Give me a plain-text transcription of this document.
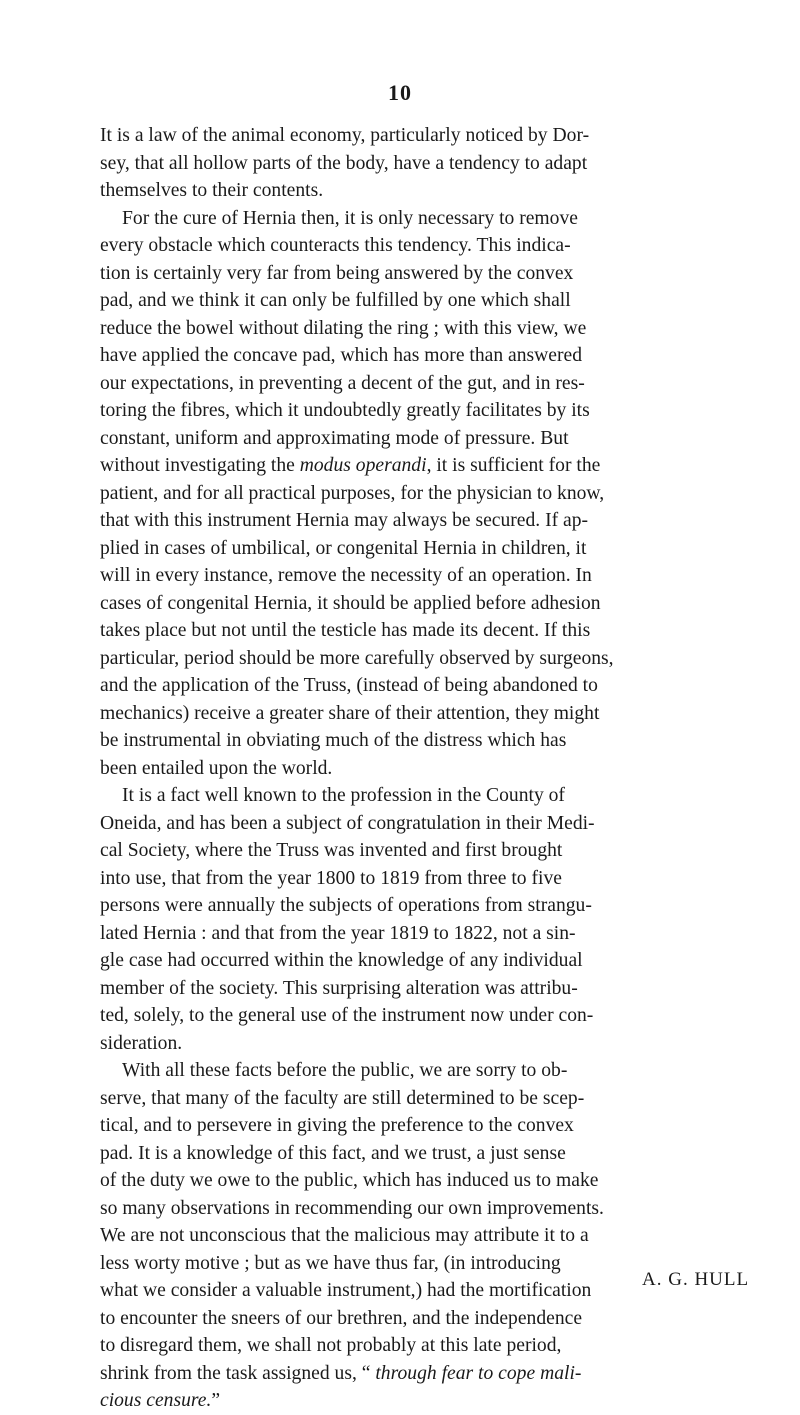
10
It is a law of the animal economy, particularly noticed by Dor-
sey, that all hollow parts of the body, have a tendency to adapt
themselves to their contents.
For the cure of Hernia then, it is only necessary to remove
every obstacle which counteracts this tendency. This indica-
tion is certainly very far from being answered by the convex
pad, and we think it can only be fulfilled by one which shall
reduce the bowel without dilating the ring ; with this view, we
have applied the concave pad, which has more than answered
our expectations, in preventing a decent of the gut, and in res-
toring the fibres, which it undoubtedly greatly facilitates by its
constant, uniform and approximating mode of pressure. But
without investigating the modus operandi, it is sufficient for the
patient, and for all practical purposes, for the physician to know,
that with this instrument Hernia may always be secured. If ap-
plied in cases of umbilical, or congenital Hernia in children, it
will in every instance, remove the necessity of an operation. In
cases of congenital Hernia, it should be applied before adhesion
takes place but not until the testicle has made its decent. If this
particular, period should be more carefully observed by surgeons,
and the application of the Truss, (instead of being abandoned to
mechanics) receive a greater share of their attention, they might
be instrumental in obviating much of the distress which has
been entailed upon the world.
It is a fact well known to the profession in the County of
Oneida, and has been a subject of congratulation in their Medi-
cal Society, where the Truss was invented and first brought
into use, that from the year 1800 to 1819 from three to five
persons were annually the subjects of operations from strangu-
lated Hernia : and that from the year 1819 to 1822, not a sin-
gle case had occurred within the knowledge of any individual
member of the society. This surprising alteration was attribu-
ted, solely, to the general use of the instrument now under con-
sideration.
With all these facts before the public, we are sorry to ob-
serve, that many of the faculty are still determined to be scep-
tical, and to persevere in giving the preference to the convex
pad. It is a knowledge of this fact, and we trust, a just sense
of the duty we owe to the public, which has induced us to make
so many observations in recommending our own improvements.
We are not unconscious that the malicious may attribute it to a
less worty motive ; but as we have thus far, (in introducing
what we consider a valuable instrument,) had the mortification
to encounter the sneers of our brethren, and the independence
to disregard them, we shall not probably at this late period,
shrink from the task assigned us, “ through fear to cope mali-
cious censure.”
A. G. HULL
